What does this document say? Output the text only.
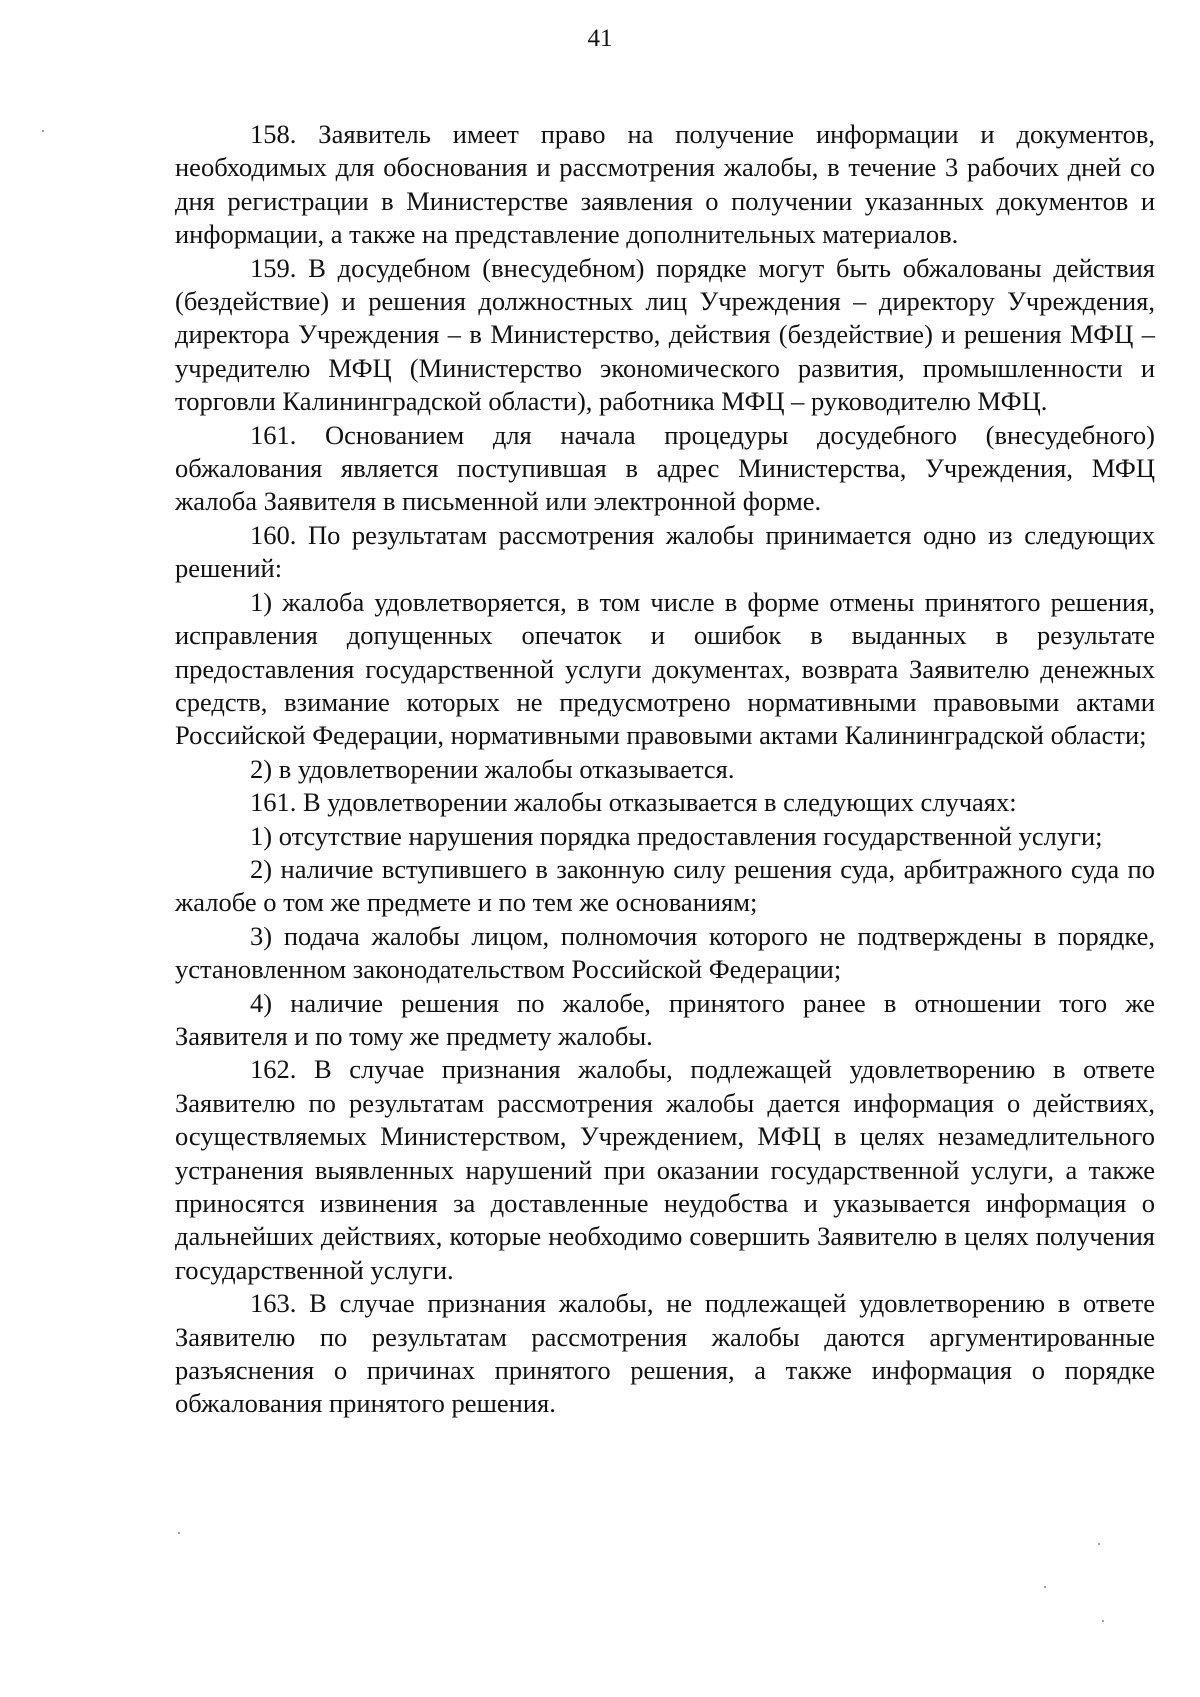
41

158. Заявитель имеет право на получение информации и документов, необходимых для обоснования и рассмотрения жалобы, в течение 3 рабочих дней со дня регистрации в Министерстве заявления о получении указанных документов и информации, а также на представление дополнительных материалов.

159. В досудебном (внесудебном) порядке могут быть обжалованы действия (бездействие) и решения должностных лиц Учреждения – директору Учреждения, директора Учреждения – в Министерство, действия (бездействие) и решения МФЦ – учредителю МФЦ (Министерство экономического развития, промышленности и торговли Калининградской области), работника МФЦ – руководителю МФЦ.

161. Основанием для начала процедуры досудебного (внесудебного) обжалования является поступившая в адрес Министерства, Учреждения, МФЦ жалоба Заявителя в письменной или электронной форме.

160. По результатам рассмотрения жалобы принимается одно из следующих решений:

1) жалоба удовлетворяется, в том числе в форме отмены принятого решения, исправления допущенных опечаток и ошибок в выданных в результате предоставления государственной услуги документах, возврата Заявителю денежных средств, взимание которых не предусмотрено нормативными правовыми актами Российской Федерации, нормативными правовыми актами Калининградской области;

2) в удовлетворении жалобы отказывается.

161. В удовлетворении жалобы отказывается в следующих случаях:

1) отсутствие нарушения порядка предоставления государственной услуги;

2) наличие вступившего в законную силу решения суда, арбитражного суда по жалобе о том же предмете и по тем же основаниям;

3) подача жалобы лицом, полномочия которого не подтверждены в порядке, установленном законодательством Российской Федерации;

4) наличие решения по жалобе, принятого ранее в отношении того же Заявителя и по тому же предмету жалобы.

162. В случае признания жалобы, подлежащей удовлетворению в ответе Заявителю по результатам рассмотрения жалобы дается информация о действиях, осуществляемых Министерством, Учреждением, МФЦ в целях незамедлительного устранения выявленных нарушений при оказании государственной услуги, а также приносятся извинения за доставленные неудобства и указывается информация о дальнейших действиях, которые необходимо совершить Заявителю в целях получения государственной услуги.

163. В случае признания жалобы, не подлежащей удовлетворению в ответе Заявителю по результатам рассмотрения жалобы даются аргументированные разъяснения о причинах принятого решения, а также информация о порядке обжалования принятого решения.
